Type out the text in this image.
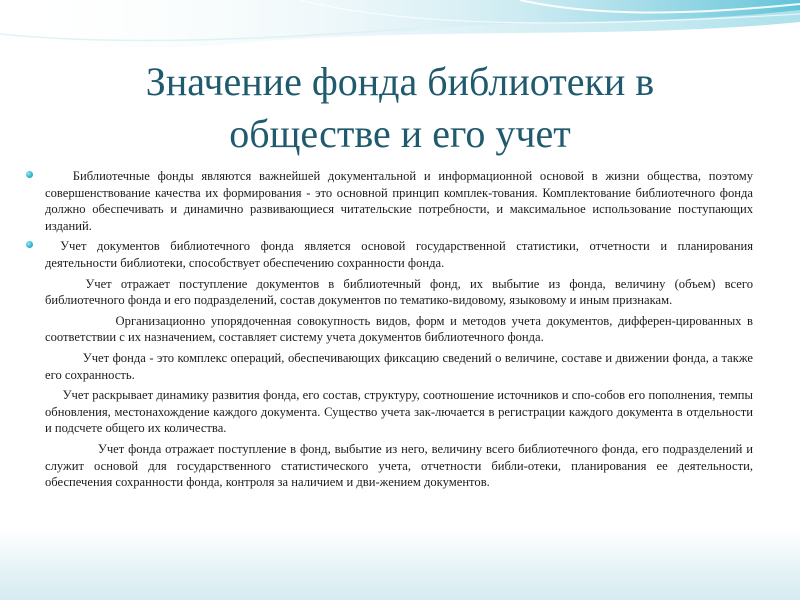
Значение фонда библиотеки в
обществе и его учет

Библиотечные фонды являются важнейшей документальной и информационной основой в жизни общества, поэтому совершенствование качества их формирования - это основной принцип комплек-тования. Комплектование библиотечного фонда должно обеспечивать и динамично развивающиеся читательские потребности, и максимальное использование поступающих изданий.

Учет документов библиотечного фонда является основой государственной статистики, отчетности и планирования деятельности библиотеки, способствует обеспечению сохранности фонда.

Учет отражает поступление документов в библиотечный фонд, их выбытие из фонда, величину (объем) всего библиотечного фонда и его подразделений, состав документов по тематико-видовому, языковому и иным признакам.

Организационно упорядоченная совокупность видов, форм и методов учета документов, дифферен-цированных в соответствии с их назначением, составляет систему учета документов библиотечного фонда.

Учет фонда - это комплекс операций, обеспечивающих фиксацию сведений о величине, составе и движении фонда, а также его сохранность.

Учет раскрывает динамику развития фонда, его состав, структуру, соотношение источников и спо-собов его пополнения, темпы обновления, местонахождение каждого документа. Существо учета зак-лючается в регистрации каждого документа в отдельности и подсчете общего их количества.

Учет фонда отражает поступление в фонд, выбытие из него, величину всего библиотечного фонда, его подразделений и служит основой для государственного статистического учета, отчетности библи-отеки, планирования ее деятельности, обеспечения сохранности фонда, контроля за наличием и дви-жением документов.
